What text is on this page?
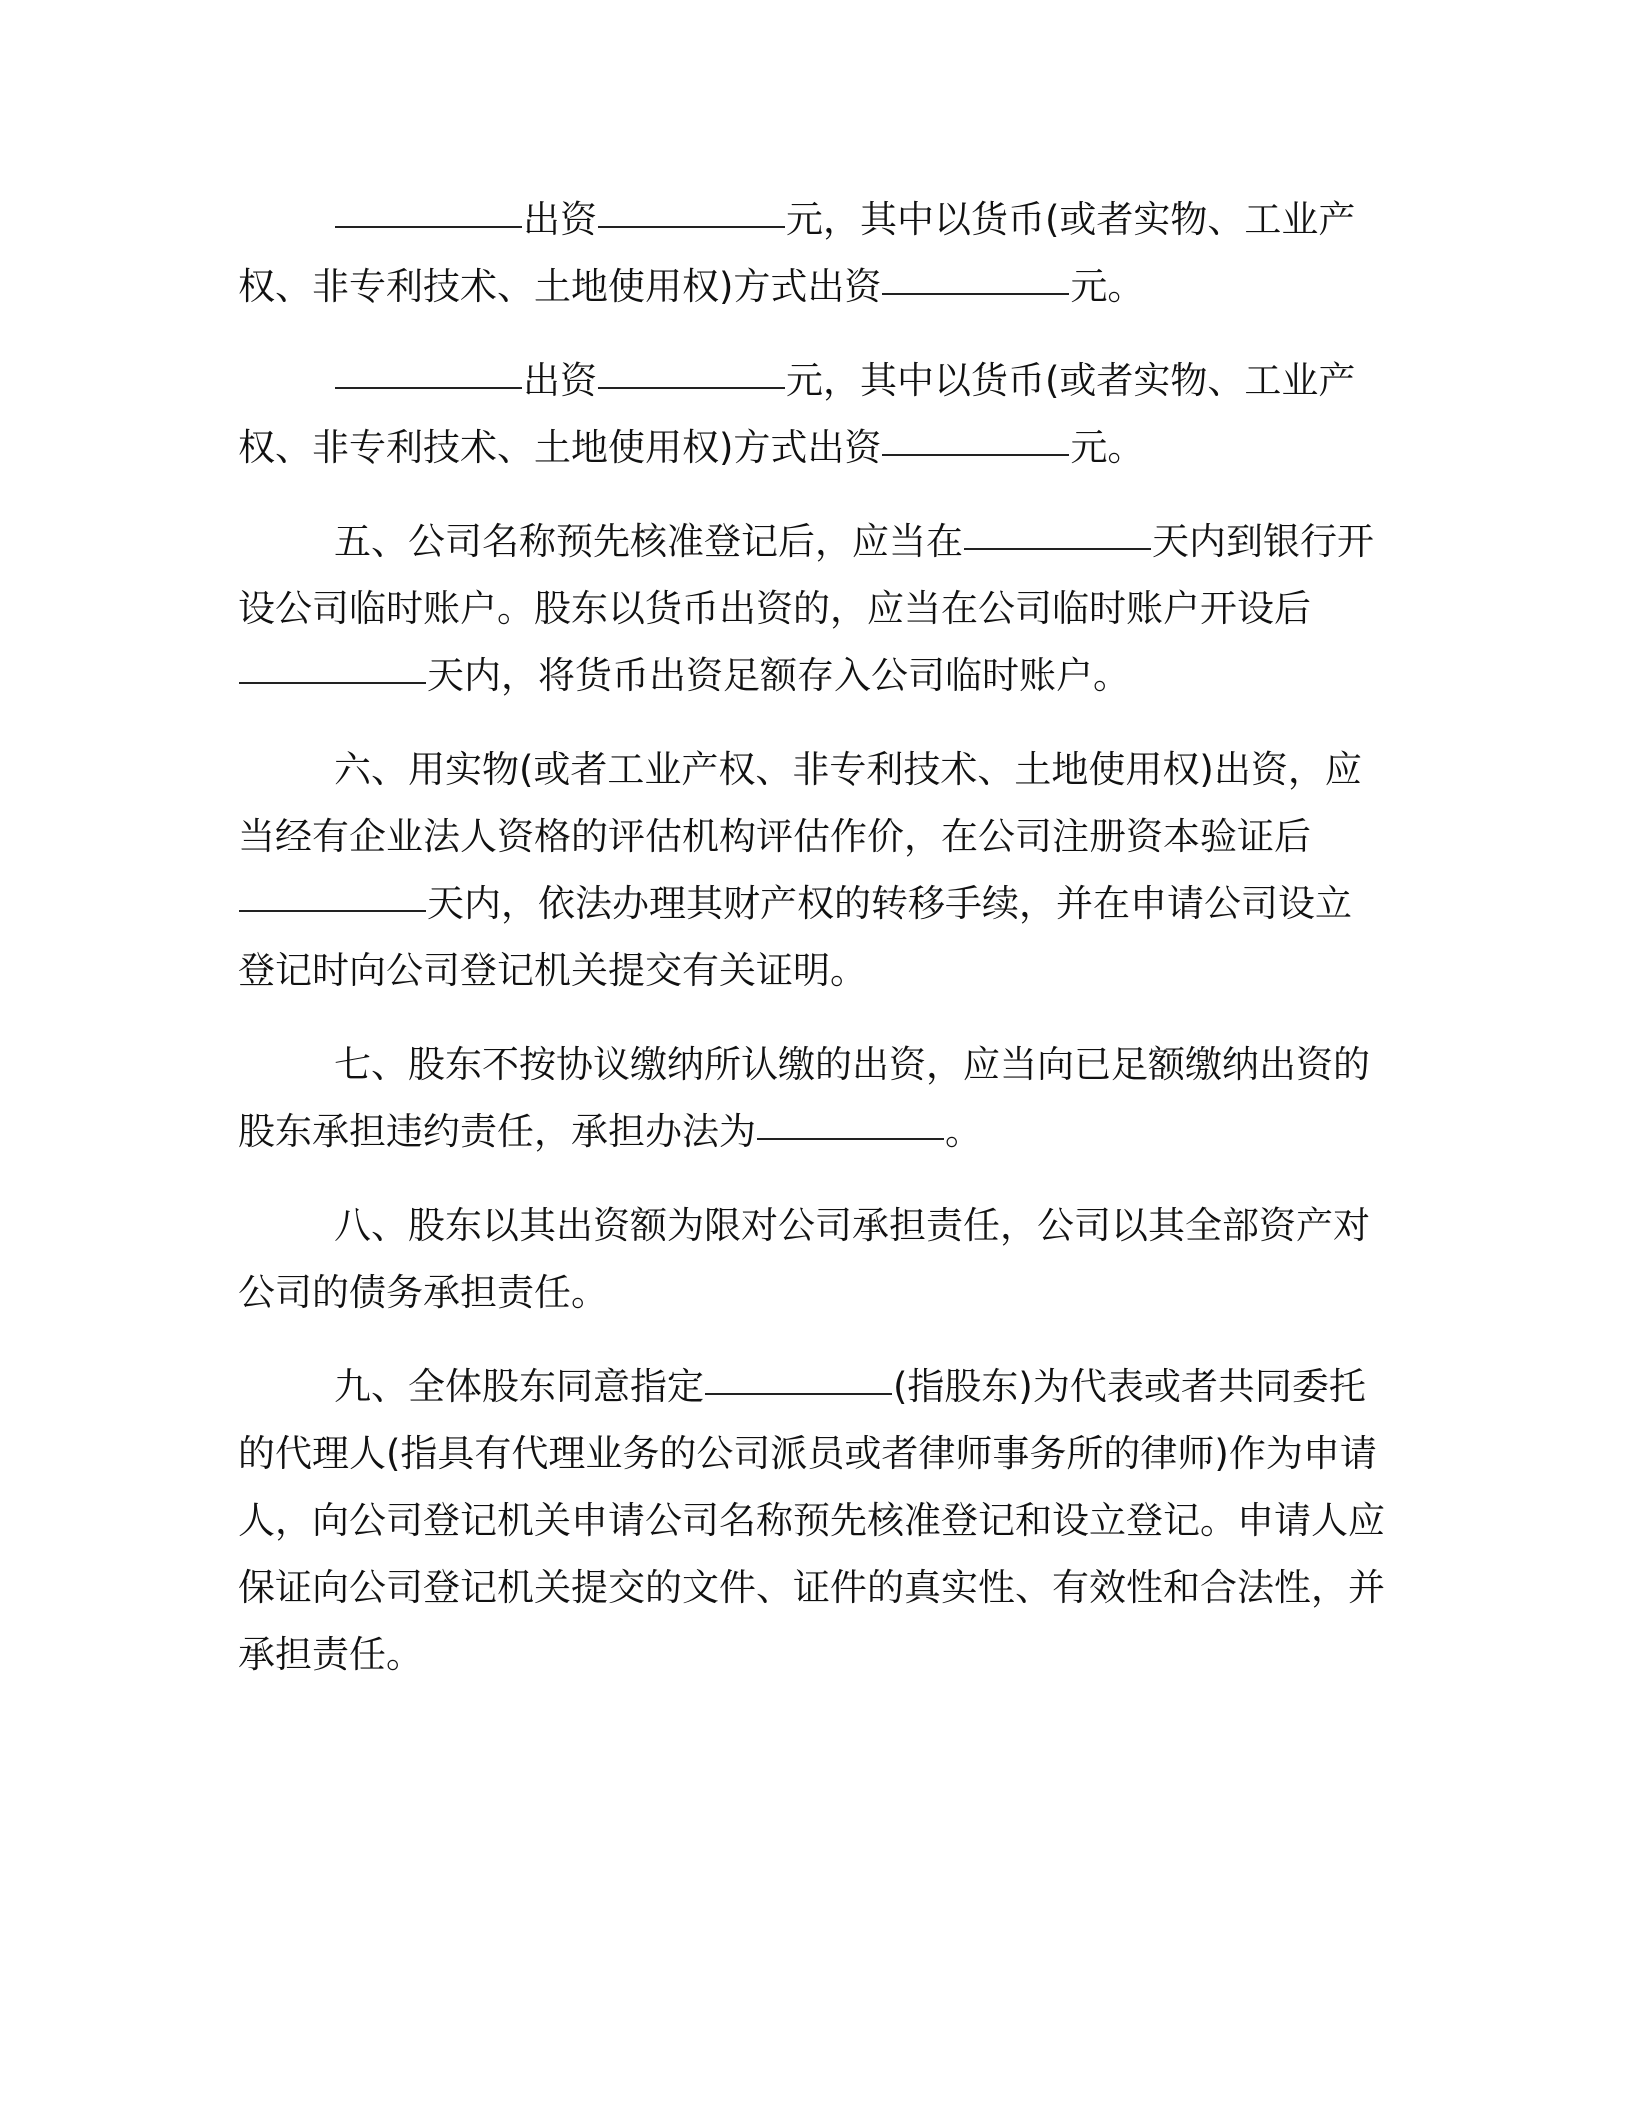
出资	元，其中以货币(或者实物、工业产权、非专利技术、土地使用权)方式出资	元。

出资	元，其中以货币(或者实物、工业产权、非专利技术、土地使用权)方式出资	元。

五、公司名称预先核准登记后，应当在	天内到银行开设公司临时账户。股东以货币出资的，应当在公司临时账户开设后天内，将货币出资足额存入公司临时账户。

六、用实物(或者工业产权、非专利技术、土地使用权)出资，应当经有企业法人资格的评估机构评估作价，在公司注册资本验证后天内，依法办理其财产权的转移手续，并在申请公司设立登记时向公司登记机关提交有关证明。

七、股东不按协议缴纳所认缴的出资，应当向已足额缴纳出资的股东承担违约责任，承担办法为	。

八、股东以其出资额为限对公司承担责任，公司以其全部资产对公司的债务承担责任。

九、全体股东同意指定	(指股东)为代表或者共同委托的代理人(指具有代理业务的公司派员或者律师事务所的律师)作为申请人，向公司登记机关申请公司名称预先核准登记和设立登记。申请人应保证向公司登记机关提交的文件、证件的真实性、有效性和合法性，并承担责任。
